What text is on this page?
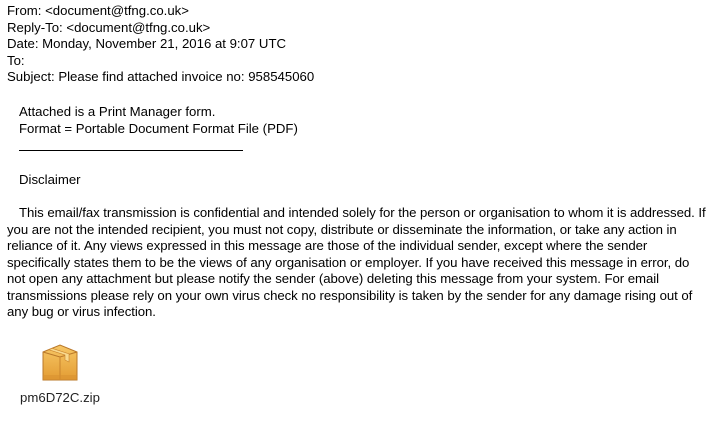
From: <document@tfng.co.uk>
Reply-To: <document@tfng.co.uk>
Date: Monday, November 21, 2016 at 9:07 UTC
To:
Subject: Please find attached invoice no: 958545060
Attached is a Print Manager form.
Format = Portable Document Format File (PDF)
Disclaimer
This email/fax transmission is confidential and intended solely for the person or organisation to whom it is addressed. If you are not the intended recipient, you must not copy, distribute or disseminate the information, or take any action in reliance of it. Any views expressed in this message are those of the individual sender, except where the sender specifically states them to be the views of any organisation or employer. If you have received this message in error, do not open any attachment but please notify the sender (above) deleting this message from your system. For email transmissions please rely on your own virus check no responsibility is taken by the sender for any damage rising out of any bug or virus infection.
pm6D72C.zip
